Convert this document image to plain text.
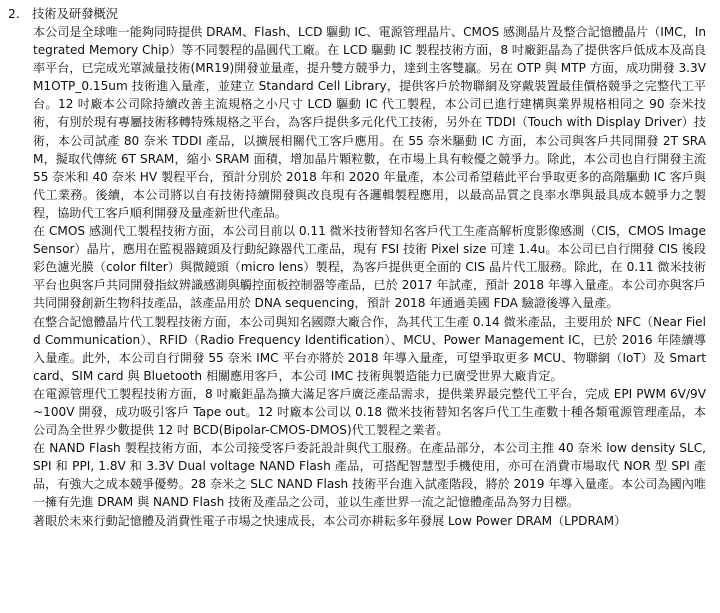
2. 技術及研發概況

本公司是全球唯一能夠同時提供 DRAM、Flash、LCD 驅動 IC、電源管理晶片、CMOS 感測晶片及整合記憶體晶片（IMC，Integrated Memory Chip）等不同製程的晶圓代工廠。在 LCD 驅動 IC 製程技術方面，8 吋廠鉅晶為了提供客戶低成本及高良率平台，已完成光罩減量技術(MR19)開發並量產，提升雙方競爭力，達到主客雙贏。另在 OTP 與 MTP 方面，成功開發 3.3V M1OTP_0.15um 技術進入量產，並建立 Standard Cell Library，提供客戶於物聯網及穿戴裝置最佳價格競爭之完整代工平台。12 吋廠本公司除持續改善主流規格之小尺寸 LCD 驅動 IC 代工製程，本公司已進行建構與業界規格相同之 90 奈米技術，有別於現有專屬技術移轉特殊規格之平台，為客戶提供多元化代工技術，另外在 TDDI（Touch with Display Driver）技術，本公司試產 80 奈米 TDDI 產品，以擴展相關代工客戶應用。在 55 奈米驅動 IC 方面，本公司與客戶共同開發 2T SRAM，擬取代傳統 6T SRAM，縮小 SRAM 面積，增加晶片顆粒數，在市場上具有較優之競爭力。除此，本公司也自行開發主流 55 奈米和 40 奈米 HV 製程平台，預計分別於 2018 年和 2020 年量產，本公司希望藉此平台爭取更多的高階驅動 IC 客戶與代工業務。後續，本公司將以自有技術持續開發與改良現有各邏輯製程應用，以最高品質之良率水準與最具成本競爭力之製程，協助代工客戶順利開發及量產新世代產品。

在 CMOS 感測代工製程技術方面，本公司目前以 0.11 微米技術替知名客戶代工生產高解析度影像感測（CIS，CMOS Image Sensor）晶片，應用在監視器鏡頭及行動紀錄器代工產品，現有 FSI 技術 Pixel size 可達 1.4u。本公司已自行開發 CIS 後段彩色濾光膜（color filter）與微鏡頭（micro lens）製程，為客戶提供更全面的 CIS 晶片代工服務。除此，在 0.11 微米技術平台也與客戶共同開發指紋辨識感測與觸控面板控制器等產品，已於 2017 年試產，預計 2018 年導入量產。本公司亦與客戶共同開發創新生物科技產品，該產品用於 DNA sequencing，預計 2018 年通過美國 FDA 驗證後導入量產。

在整合記憶體晶片代工製程技術方面，本公司與知名國際大廠合作，為其代工生產 0.14 微米產品，主要用於 NFC（Near Field Communication）、RFID（Radio Frequency Identification）、MCU、Power Management IC，已於 2016 年陸續導入量產。此外，本公司自行開發 55 奈米 IMC 平台亦將於 2018 年導入量產，可望爭取更多 MCU、物聯網（IoT）及 Smart card、SIM card 與 Bluetooth 相關應用客戶，本公司 IMC 技術與製造能力已廣受世界大廠肯定。

在電源管理代工製程技術方面，8 吋廠鉅晶為擴大滿足客戶廣泛產品需求，提供業界最完整代工平台，完成 EPI PWM 6V/9V~100V 開發，成功吸引客戶 Tape out。12 吋廠本公司以 0.18 微米技術替知名客戶代工生產數十種各類電源管理產品，本公司為全世界少數提供 12 吋 BCD(Bipolar-CMOS-DMOS)代工製程之業者。

在 NAND Flash 製程技術方面，本公司接受客戶委託設計與代工服務。在產品部分，本公司主推 40 奈米 low density SLC, SPI 和 PPI, 1.8V 和 3.3V Dual voltage NAND Flash 產品，可搭配智慧型手機使用，亦可在消費市場取代 NOR 型 SPI 產品，有強大之成本競爭優勢。28 奈米之 SLC NAND Flash 技術平台進入試產階段，將於 2019 年導入量產。本公司為國內唯一擁有先進 DRAM 與 NAND Flash 技術及產品之公司，並以生產世界一流之記憶體產品為努力目標。

著眼於未來行動記憶體及消費性電子市場之快速成長，本公司亦耕耘多年發展 Low Power DRAM（LPDRAM）
